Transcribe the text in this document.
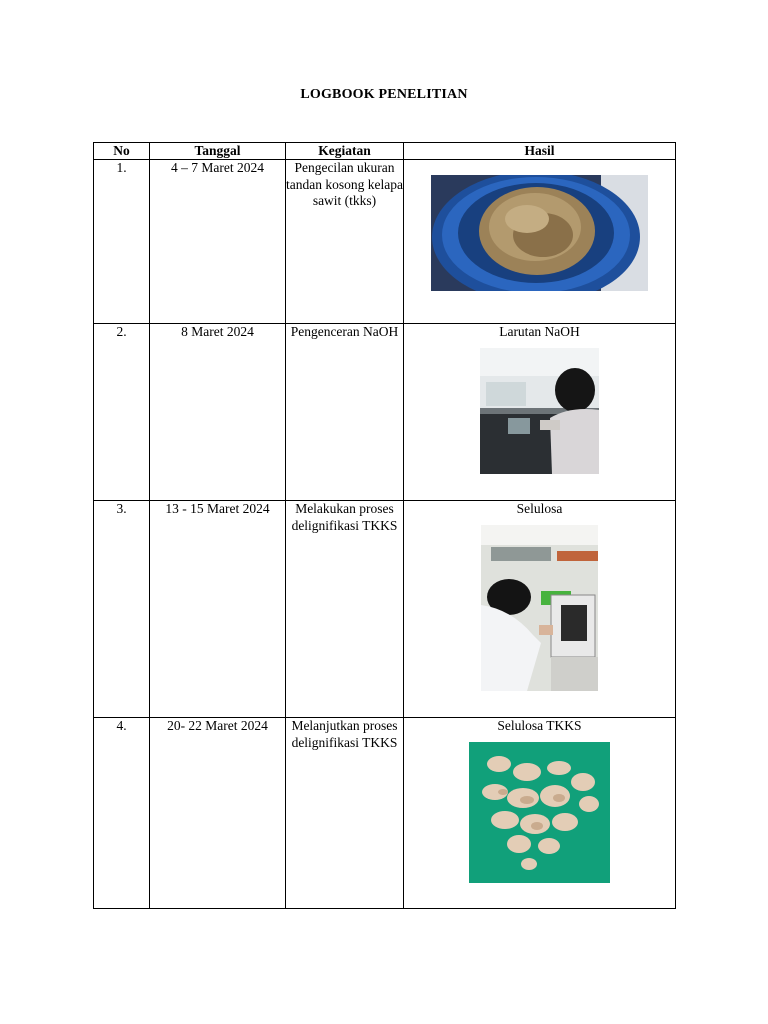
LOGBOOK PENELITIAN
No	Tanggal	Kegiatan	Hasil
1.	4 – 7 Maret 2024	Pengecilan ukuran tandan kosong kelapa sawit (tkks)	

2.	8 Maret 2024	Pengenceran NaOH	Larutan NaOH

3.	13 - 15 Maret 2024	Melakukan proses delignifikasi TKKS	Selulosa

4.	20- 22 Maret 2024	Melanjutkan proses delignifikasi TKKS	Selulosa TKKS
